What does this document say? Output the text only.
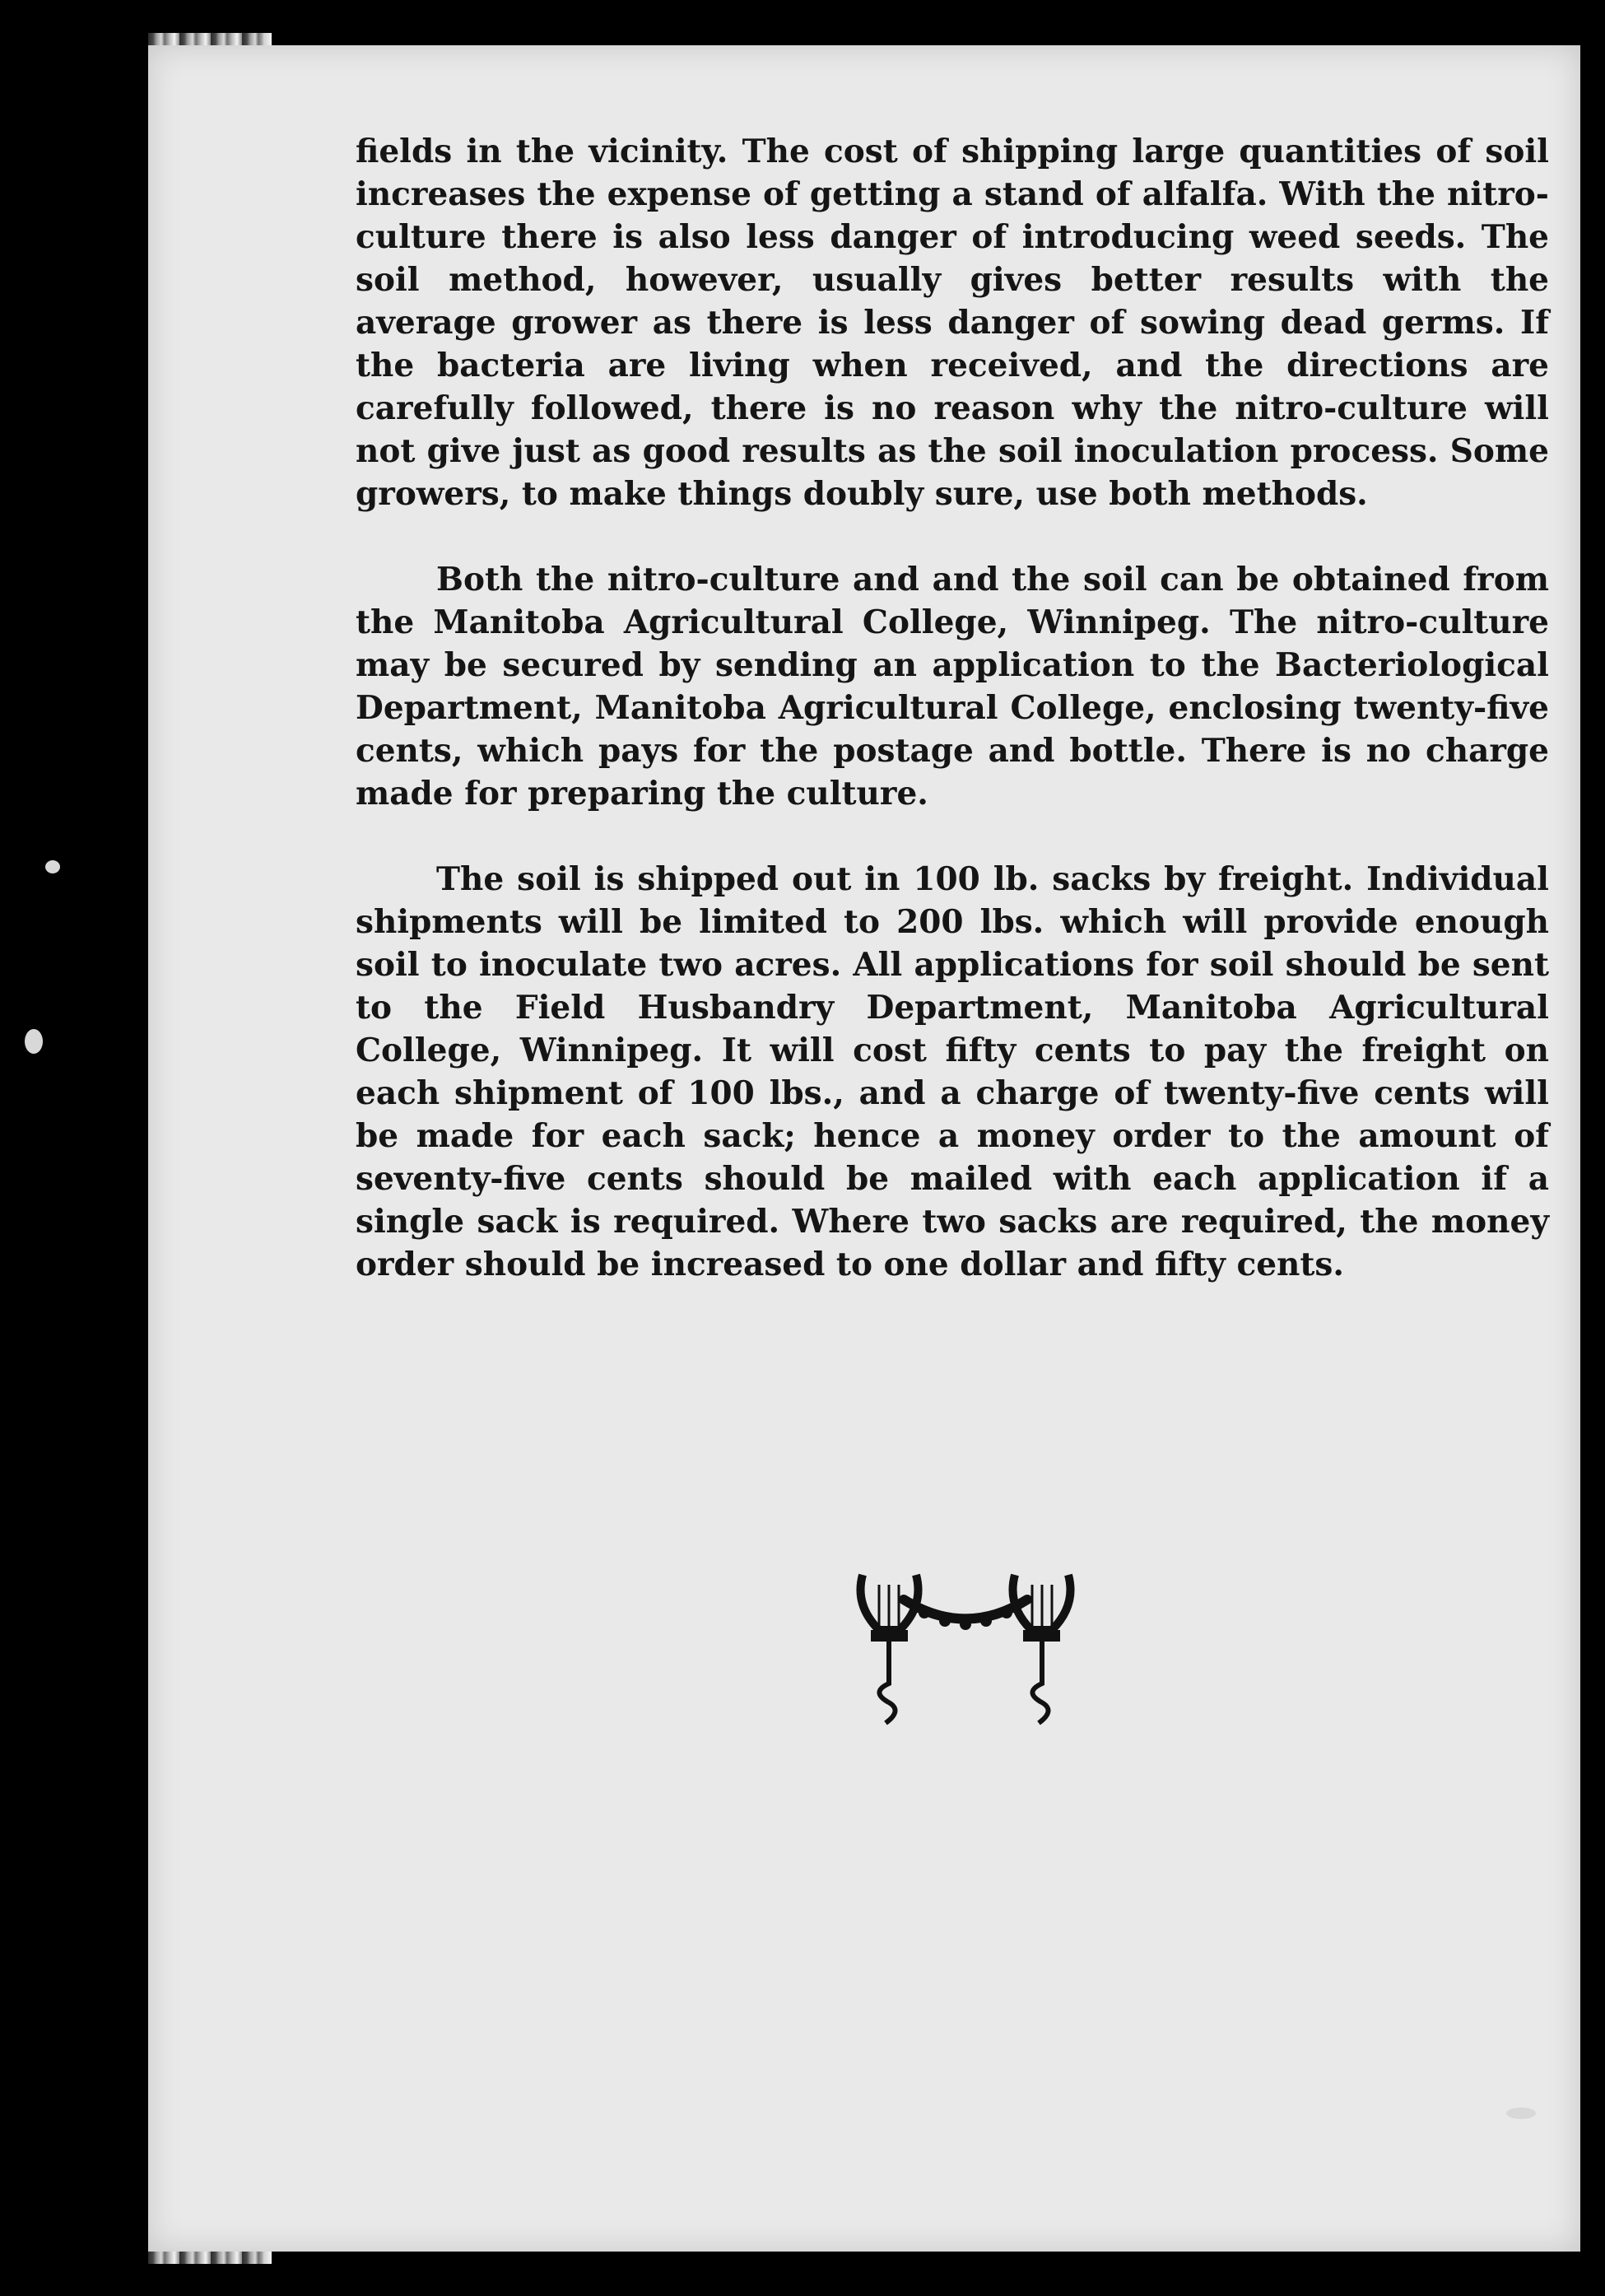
fields in the vicinity. The cost of shipping large quantities of soil increases the expense of getting a stand of alfalfa. With the nitro-culture there is also less danger of introducing weed seeds. The soil method, however, usually gives better results with the average grower as there is less danger of sowing dead germs. If the bacteria are living when received, and the directions are carefully followed, there is no reason why the nitro-culture will not give just as good results as the soil inoculation process. Some growers, to make things doubly sure, use both methods.

Both the nitro-culture and and the soil can be obtained from the Manitoba Agricultural College, Winnipeg. The nitro-culture may be secured by sending an application to the Bacteriological Department, Manitoba Agricultural College, enclosing twenty-five cents, which pays for the postage and bottle. There is no charge made for preparing the culture.

The soil is shipped out in 100 lb. sacks by freight. Individual shipments will be limited to 200 lbs. which will provide enough soil to inoculate two acres. All applications for soil should be sent to the Field Husbandry Department, Manitoba Agricultural College, Winnipeg. It will cost fifty cents to pay the freight on each shipment of 100 lbs., and a charge of twenty-five cents will be made for each sack; hence a money order to the amount of seventy-five cents should be mailed with each application if a single sack is required. Where two sacks are required, the money order should be increased to one dollar and fifty cents.
